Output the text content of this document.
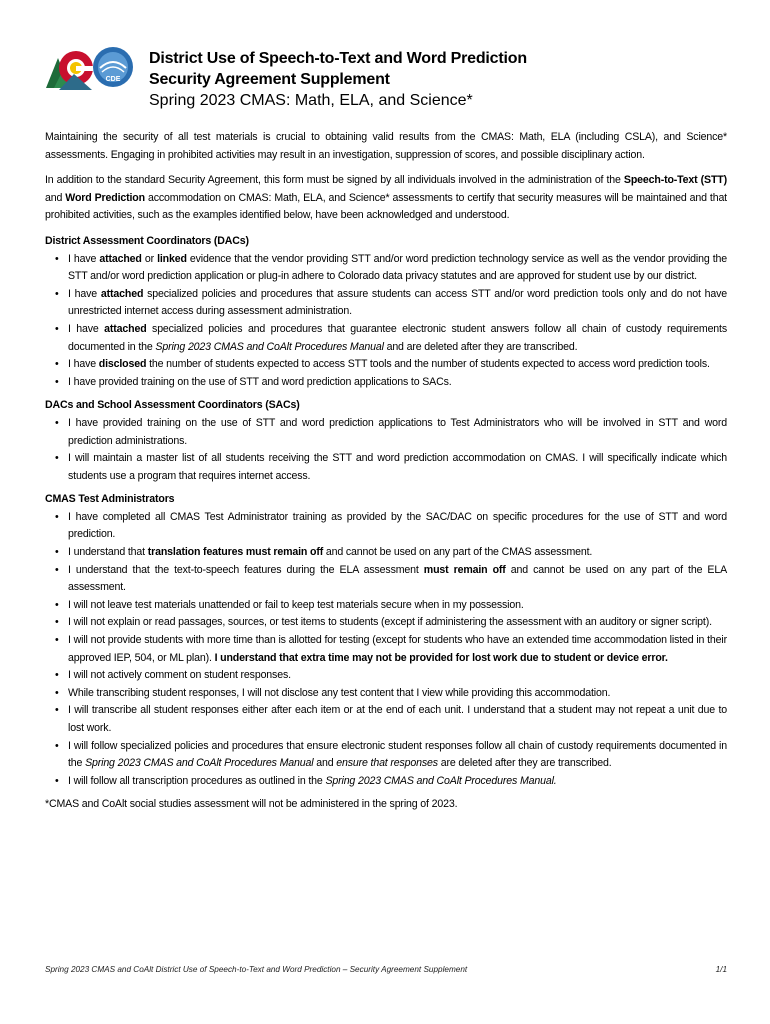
CDE
District Use of Speech-to-Text and Word Prediction
Security Agreement Supplement
Spring 2023 CMAS: Math, ELA, and Science*

Maintaining the security of all test materials is crucial to obtaining valid results from the CMAS: Math, ELA (including CSLA), and Science* assessments. Engaging in prohibited activities may result in an investigation, suppression of scores, and possible disciplinary action.

In addition to the standard Security Agreement, this form must be signed by all individuals involved in the administration of the Speech-to-Text (STT) and Word Prediction accommodation on CMAS: Math, ELA, and Science* assessments to certify that security measures will be maintained and that prohibited activities, such as the examples identified below, have been acknowledged and understood.

District Assessment Coordinators (DACs)
• I have attached or linked evidence that the vendor providing STT and/or word prediction technology service as well as the vendor providing the STT and/or word prediction application or plug-in adhere to Colorado data privacy statutes and are approved for student use by our district.
• I have attached specialized policies and procedures that assure students can access STT and/or word prediction tools only and do not have unrestricted internet access during assessment administration.
• I have attached specialized policies and procedures that guarantee electronic student answers follow all chain of custody requirements documented in the Spring 2023 CMAS and CoAlt Procedures Manual and are deleted after they are transcribed.
• I have disclosed the number of students expected to access STT tools and the number of students expected to access word prediction tools.
• I have provided training on the use of STT and word prediction applications to SACs.
DACs and School Assessment Coordinators (SACs)
• I have provided training on the use of STT and word prediction applications to Test Administrators who will be involved in STT and word prediction administrations.
• I will maintain a master list of all students receiving the STT and word prediction accommodation on CMAS. I will specifically indicate which students use a program that requires internet access.
CMAS Test Administrators
• I have completed all CMAS Test Administrator training as provided by the SAC/DAC on specific procedures for the use of STT and word prediction.
• I understand that translation features must remain off and cannot be used on any part of the CMAS assessment.
• I understand that the text-to-speech features during the ELA assessment must remain off and cannot be used on any part of the ELA assessment.
• I will not leave test materials unattended or fail to keep test materials secure when in my possession.
• I will not explain or read passages, sources, or test items to students (except if administering the assessment with an auditory or signer script).
• I will not provide students with more time than is allotted for testing (except for students who have an extended time accommodation listed in their approved IEP, 504, or ML plan). I understand that extra time may not be provided for lost work due to student or device error.
• I will not actively comment on student responses.
• While transcribing student responses, I will not disclose any test content that I view while providing this accommodation.
• I will transcribe all student responses either after each item or at the end of each unit. I understand that a student may not repeat a unit due to lost work.
• I will follow specialized policies and procedures that ensure electronic student responses follow all chain of custody requirements documented in the Spring 2023 CMAS and CoAlt Procedures Manual and ensure that responses are deleted after they are transcribed.
• I will follow all transcription procedures as outlined in the Spring 2023 CMAS and CoAlt Procedures Manual.
*CMAS and CoAlt social studies assessment will not be administered in the spring of 2023.
Spring 2023 CMAS and CoAlt District Use of Speech-to-Text and Word Prediction – Security Agreement Supplement	1/1
